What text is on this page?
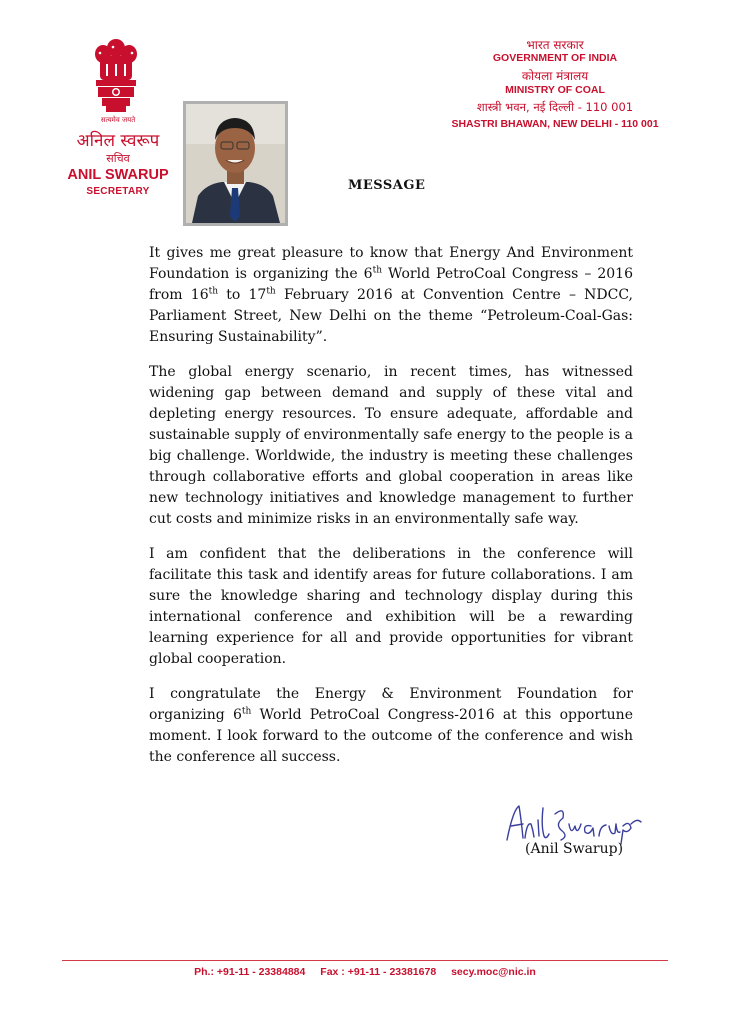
सत्यमेव जयते
अनिल स्वरूप
सचिव
ANIL SWARUP
SECRETARY
भारत सरकार
GOVERNMENT OF INDIA
कोयला मंत्रालय
MINISTRY OF COAL
शास्त्री भवन, नई दिल्ली - 110 001
SHASTRI BHAWAN, NEW DELHI - 110 001
MESSAGE

It gives me great pleasure to know that Energy And Environment Foundation is organizing the 6th World PetroCoal Congress – 2016 from 16th to 17th February 2016 at Convention Centre – NDCC, Parliament Street, New Delhi on the theme “Petroleum-Coal-Gas: Ensuring Sustainability”.

The global energy scenario, in recent times, has witnessed widening gap between demand and supply of these vital and depleting energy resources. To ensure adequate, affordable and sustainable supply of environmentally safe energy to the people is a big challenge. Worldwide, the industry is meeting these challenges through collaborative efforts and global cooperation in areas like new technology initiatives and knowledge management to further cut costs and minimize risks in an environmentally safe way.

I am confident that the deliberations in the conference will facilitate this task and identify areas for future collaborations. I am sure the knowledge sharing and technology display during this international conference and exhibition will be a rewarding learning experience for all and provide opportunities for vibrant global cooperation.

I congratulate the Energy & Environment Foundation for organizing 6th World PetroCoal Congress-2016 at this opportune moment. I look forward to the outcome of the conference and wish the conference all success.

(Anil Swarup)
Ph.: +91-11 - 23384884 Fax : +91-11 - 23381678 secy.moc@nic.in
